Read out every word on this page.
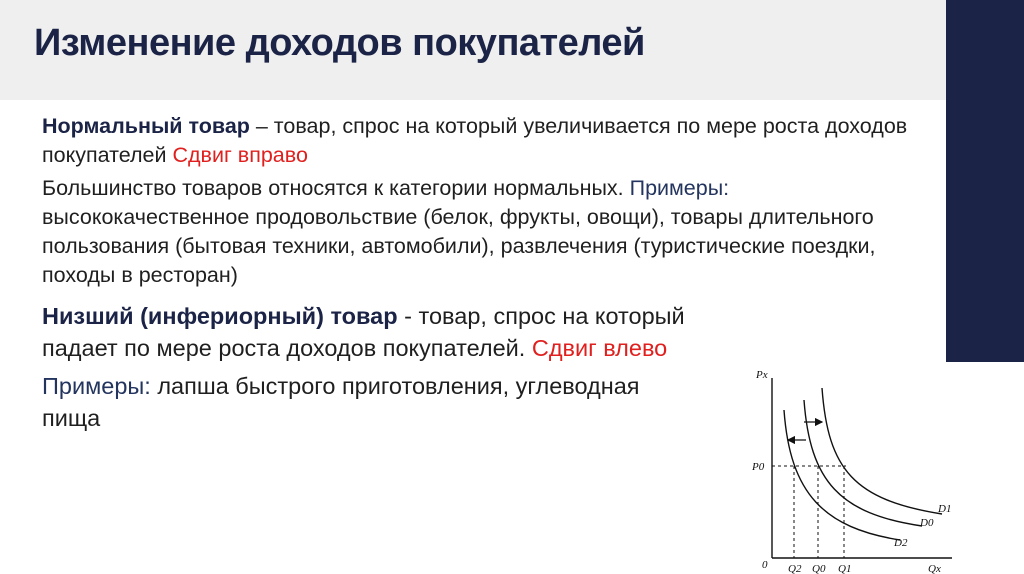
Изменение доходов покупателей

Нормальный товар – товар, спрос на который увеличивается по мере роста доходов покупателей Сдвиг вправо

Большинство товаров относятся к категории нормальных. Примеры: высококачественное продовольствие (белок, фрукты, овощи), товары длительного пользования (бытовая техники, автомобили), развлечения (туристические поездки, походы в ресторан)

Низший (инфериорный) товар - товар, спрос на который падает по мере роста доходов покупателей. Сдвиг влево

Примеры: лапша быстрого приготовления, углеводная пища

Px
Qx
0
P0
Q2 Q0 Q1
D1
D0
D2
